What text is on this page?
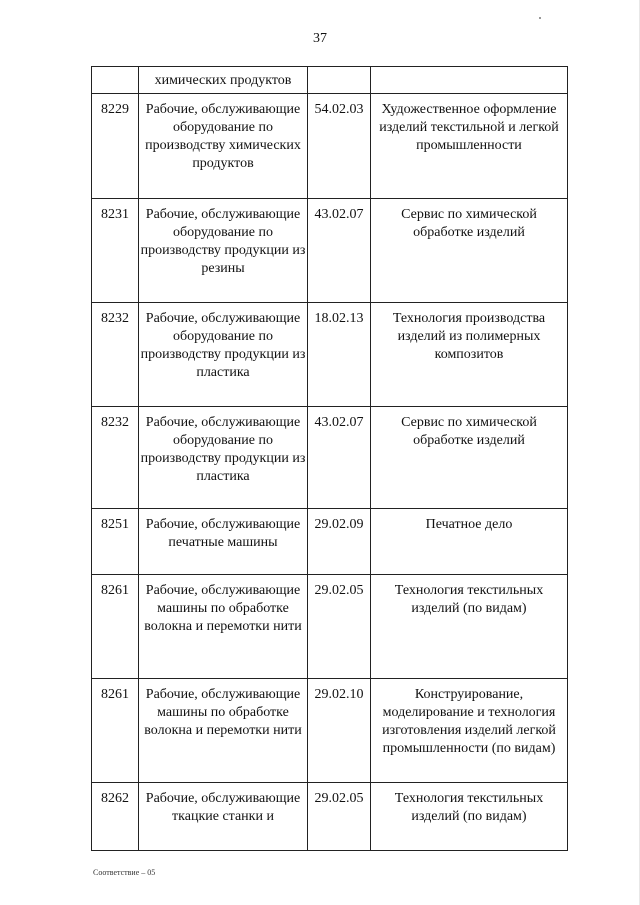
37
	химических продуктов		
8229	Рабочие, обслуживающие оборудование по производству химических продуктов	54.02.03	Художественное оформление изделий текстильной и легкой промышленности
8231	Рабочие, обслуживающие оборудование по производству продукции из резины	43.02.07	Сервис по химической обработке изделий
8232	Рабочие, обслуживающие оборудование по производству продукции из пластика	18.02.13	Технология производства изделий из полимерных композитов
8232	Рабочие, обслуживающие оборудование по производству продукции из пластика	43.02.07	Сервис по химической обработке изделий
8251	Рабочие, обслуживающие печатные машины	29.02.09	Печатное дело
8261	Рабочие, обслуживающие машины по обработке волокна и перемотки нити	29.02.05	Технология текстильных изделий (по видам)
8261	Рабочие, обслуживающие машины по обработке волокна и перемотки нити	29.02.10	Конструирование, моделирование и технология изготовления изделий легкой промышленности (по видам)
8262	Рабочие, обслуживающие ткацкие станки и	29.02.05	Технология текстильных изделий (по видам)
Соответствие – 05
